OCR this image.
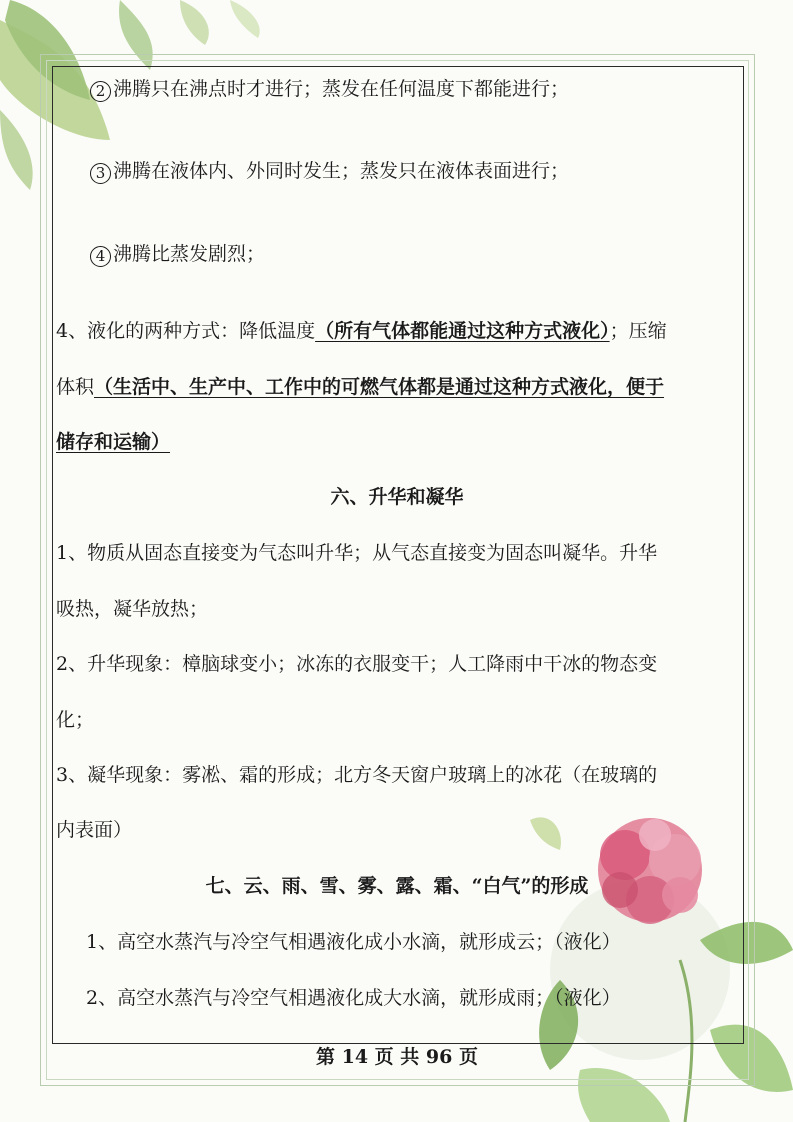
2 沸腾只在沸点时才进行；蒸发在任何温度下都能进行；
3 沸腾在液体内、外同时发生；蒸发只在液体表面进行；
4 沸腾比蒸发剧烈；
4、液化的两种方式：降低温度（所有气体都能通过这种方式液化）；压缩
体积（生活中、生产中、工作中的可燃气体都是通过这种方式液化，便于
储存和运输）
六、升华和凝华
1、物质从固态直接变为气态叫升华；从气态直接变为固态叫凝华。升华
吸热，凝华放热；
2、升华现象：樟脑球变小；冰冻的衣服变干；人工降雨中干冰的物态变
化；
3、凝华现象：雾凇、霜的形成；北方冬天窗户玻璃上的冰花（在玻璃的
内表面）
七、云、雨、雪、雾、露、霜、“白气”的形成
1、高空水蒸汽与冷空气相遇液化成小水滴，就形成云；（液化）
2、高空水蒸汽与冷空气相遇液化成大水滴，就形成雨；（液化）
第 14 页 共 96 页
